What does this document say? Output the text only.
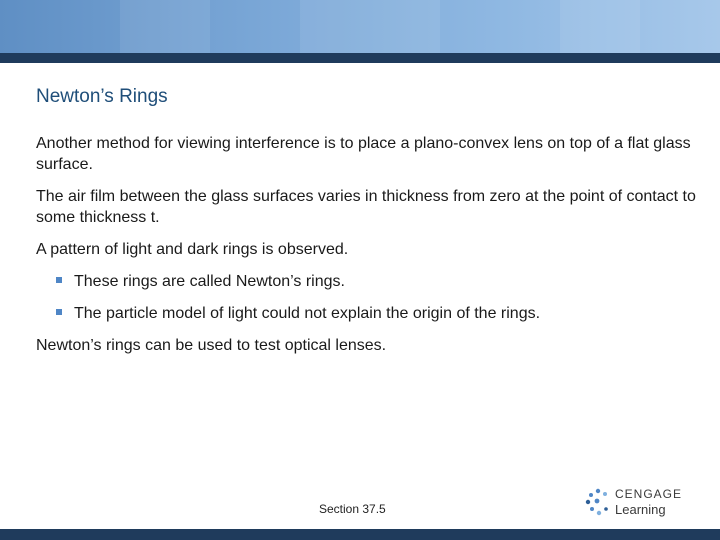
Newton’s Rings

Another method for viewing interference is to place a plano-convex lens on top of a flat glass surface.

The air film between the glass surfaces varies in thickness from zero at the point of contact to some thickness t.

A pattern of light and dark rings is observed.

These rings are called Newton’s rings.
The particle model of light could not explain the origin of the rings.

Newton’s rings can be used to test optical lenses.

Section 37.5
CENGAGE
Learning
